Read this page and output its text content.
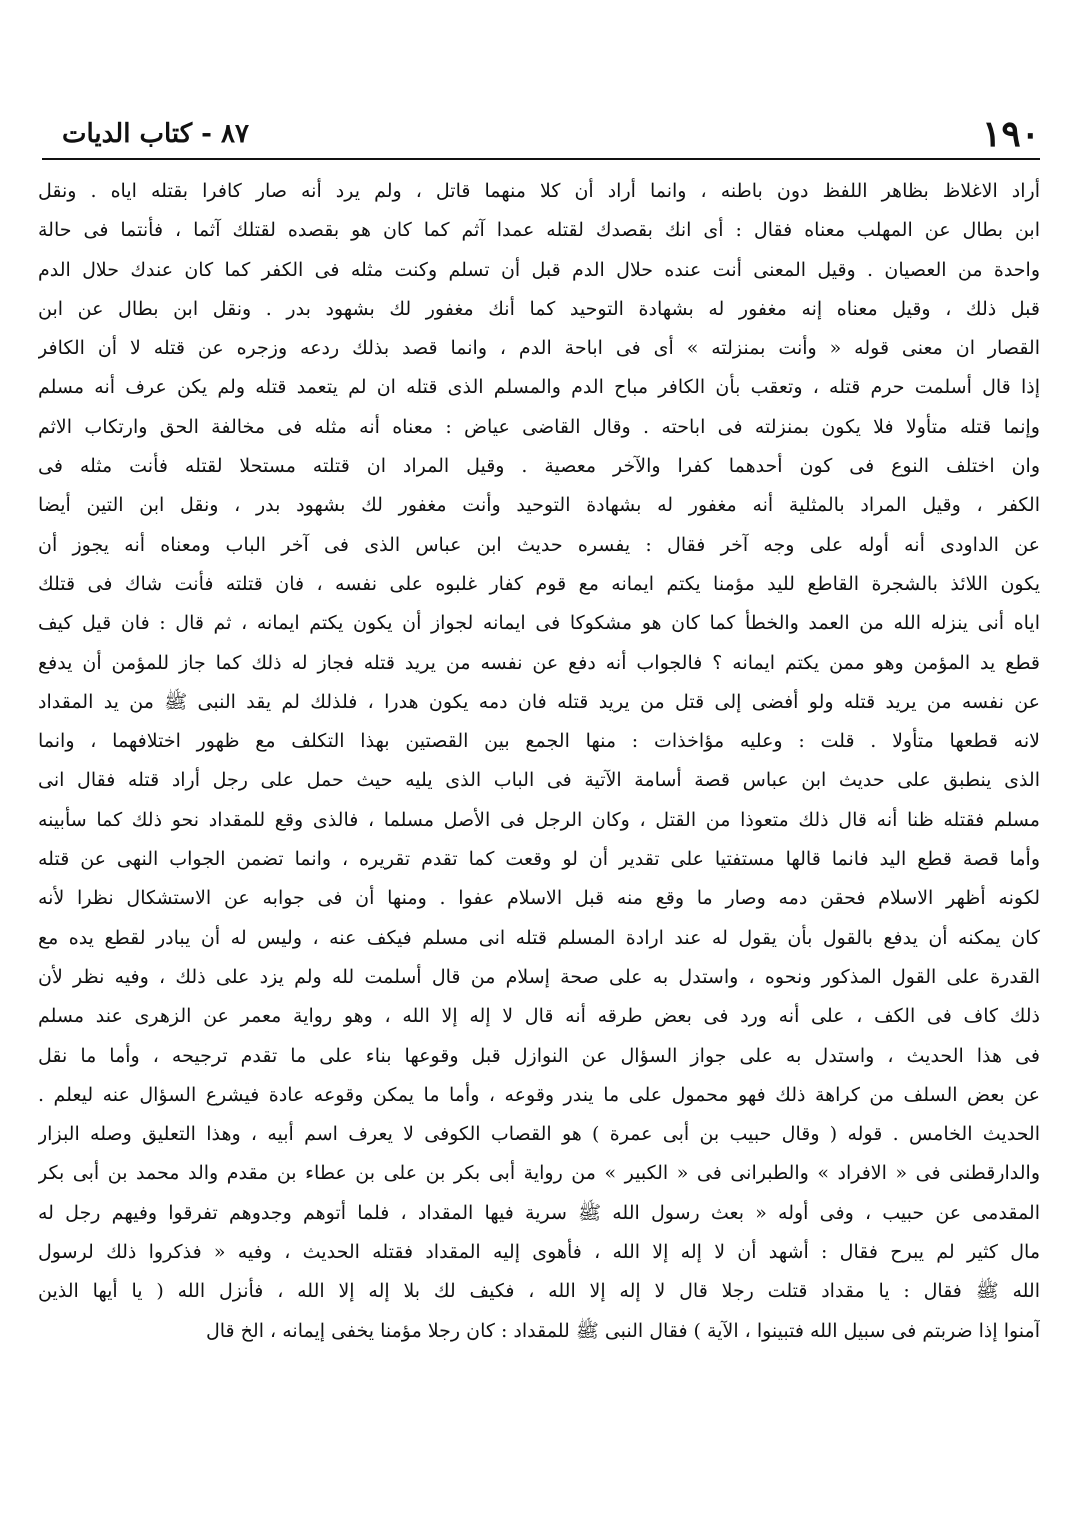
١٩٠
٨٧ - كتاب الديات
أراد الاغلاظ بظاهر اللفظ دون باطنه ، وانما أراد أن كلا منهما قاتل ، ولم يرد أنه صار كافرا بقتله اياه . ونقل
ابن بطال عن المهلب معناه فقال : أى انك بقصدك لقتله عمدا آثم كما كان هو بقصده لقتلك آثما ، فأنتما فى حالة
واحدة من العصيان . وقيل المعنى أنت عنده حلال الدم قبل أن تسلم وكنت مثله فى الكفر كما كان عندك حلال الدم
قبل ذلك ، وقيل معناه إنه مغفور له بشهادة التوحيد كما أنك مغفور لك بشهود بدر . ونقل ابن بطال عن ابن
القصار ان معنى قوله « وأنت بمنزلته » أى فى اباحة الدم ، وانما قصد بذلك ردعه وزجره عن قتله لا أن الكافر
إذا قال أسلمت حرم قتله ، وتعقب بأن الكافر مباح الدم والمسلم الذى قتله ان لم يتعمد قتله ولم يكن عرف أنه مسلم
وإنما قتله متأولا فلا يكون بمنزلته فى اباحته . وقال القاضى عياض : معناه أنه مثله فى مخالفة الحق وارتكاب الاثم
وان اختلف النوع فى كون أحدهما كفرا والآخر معصية . وقيل المراد ان قتلته مستحلا لقتله فأنت مثله فى
الكفر ، وقيل المراد بالمثلية أنه مغفور له بشهادة التوحيد وأنت مغفور لك بشهود بدر ، ونقل ابن التين أيضا
عن الداودى أنه أوله على وجه آخر فقال : يفسره حديث ابن عباس الذى فى آخر الباب ومعناه أنه يجوز أن
يكون اللائذ بالشجرة القاطع لليد مؤمنا يكتم ايمانه مع قوم كفار غلبوه على نفسه ، فان قتلته فأنت شاك فى قتلك
اياه أنى ينزله الله من العمد والخطأ كما كان هو مشكوكا فى ايمانه لجواز أن يكون يكتم ايمانه ، ثم قال : فان قيل كيف
قطع يد المؤمن وهو ممن يكتم ايمانه ؟ فالجواب أنه دفع عن نفسه من يريد قتله فجاز له ذلك كما جاز للمؤمن أن يدفع
عن نفسه من يريد قتله ولو أفضى إلى قتل من يريد قتله فان دمه يكون هدرا ، فلذلك لم يقد النبى ﷺ من يد المقداد
لانه قطعها متأولا . قلت : وعليه مؤاخذات : منها الجمع بين القصتين بهذا التكلف مع ظهور اختلافهما ، وانما
الذى ينطبق على حديث ابن عباس قصة أسامة الآتية فى الباب الذى يليه حيث حمل على رجل أراد قتله فقال انى
مسلم فقتله ظنا أنه قال ذلك متعوذا من القتل ، وكان الرجل فى الأصل مسلما ، فالذى وقع للمقداد نحو ذلك كما سأبينه
وأما قصة قطع اليد فانما قالها مستفتيا على تقدير أن لو وقعت كما تقدم تقريره ، وانما تضمن الجواب النهى عن قتله
لكونه أظهر الاسلام فحقن دمه وصار ما وقع منه قبل الاسلام عفوا . ومنها أن فى جوابه عن الاستشكال نظرا لأنه
كان يمكنه أن يدفع بالقول بأن يقول له عند ارادة المسلم قتله انى مسلم فيكف عنه ، وليس له أن يبادر لقطع يده مع
القدرة على القول المذكور ونحوه ، واستدل به على صحة إسلام من قال أسلمت لله ولم يزد على ذلك ، وفيه نظر لأن
ذلك كاف فى الكف ، على أنه ورد فى بعض طرقه أنه قال لا إله إلا الله ، وهو رواية معمر عن الزهرى عند مسلم
فى هذا الحديث ، واستدل به على جواز السؤال عن النوازل قبل وقوعها بناء على ما تقدم ترجيحه ، وأما ما نقل
عن بعض السلف من كراهة ذلك فهو محمول على ما يندر وقوعه ، وأما ما يمكن وقوعه عادة فيشرع السؤال عنه ليعلم .
الحديث الخامس . قوله ( وقال حبيب بن أبى عمرة ) هو القصاب الكوفى لا يعرف اسم أبيه ، وهذا التعليق وصله البزار
والدارقطنى فى « الافراد » والطبرانى فى « الكبير » من رواية أبى بكر بن على بن عطاء بن مقدم والد محمد بن أبى بكر
المقدمى عن حبيب ، وفى أوله « بعث رسول الله ﷺ سرية فيها المقداد ، فلما أتوهم وجدوهم تفرقوا وفيهم رجل له
مال كثير لم يبرح فقال : أشهد أن لا إله إلا الله ، فأهوى إليه المقداد فقتله الحديث ، وفيه « فذكروا ذلك لرسول
الله ﷺ فقال : يا مقداد قتلت رجلا قال لا إله إلا الله ، فكيف لك بلا إله إلا الله ، فأنزل الله ( يا أيها الذين
آمنوا إذا ضربتم فى سبيل الله فتبينوا ، الآية ) فقال النبى ﷺ للمقداد : كان رجلا مؤمنا يخفى إيمانه ، الخ قال
